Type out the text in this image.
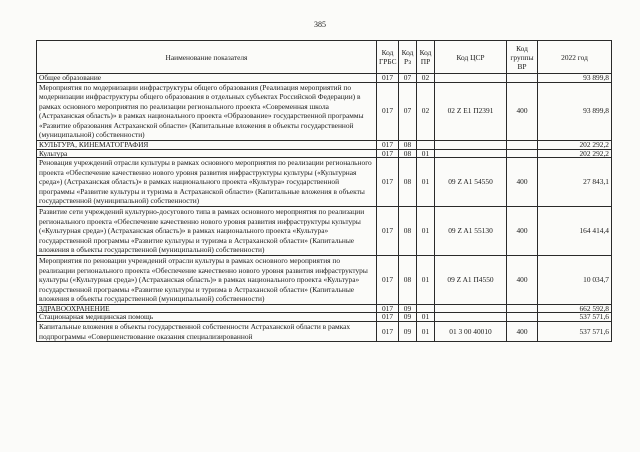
385
Наименование показателя	Код ГРБС	Код Рз	Код ПР	Код ЦСР	Код группы ВР	2022 год
Общее образование	017	07	02			93 899,8
Мероприятия по модернизации инфраструктуры общего образования (Реализация мероприятий по модернизации инфраструктуры общего образования в отдельных субъектах Российской Федерации) в рамках основного мероприятия по реализации регионального проекта «Современная школа (Астраханская область)» в рамках национального проекта «Образование» государственной программы «Развитие образования Астраханской области» (Капитальные вложения в объекты государственной (муниципальной) собственности)	017	07	02	02 Z E1 П2391	400	93 899,8
КУЛЬТУРА, КИНЕМАТОГРАФИЯ	017	08				202 292,2
Культура	017	08	01			202 292,2
Реновация учреждений отрасли культуры в рамках основного мероприятия по реализации регионального проекта «Обеспечение качественно нового уровня развития инфраструктуры культуры («Культурная среда») (Астраханская область)» в рамках национального проекта «Культура» государственной программы «Развитие культуры и туризма в Астраханской области» (Капитальные вложения в объекты государственной (муниципальной) собственности)	017	08	01	09 Z A1 54550	400	27 843,1
Развитие сети учреждений культурно-досугового типа в рамках основного мероприятия по реализации регионального проекта «Обеспечение качественно нового уровня развития инфраструктуры культуры («Культурная среда») (Астраханская область)» в рамках национального проекта «Культура» государственной программы «Развитие культуры и туризма в Астраханской области» (Капитальные вложения в объекты государственной (муниципальной) собственности)	017	08	01	09 Z A1 55130	400	164 414,4
Мероприятия по реновации учреждений отрасли культуры в рамках основного мероприятия по реализации регионального проекта «Обеспечение качественно нового уровня развития инфраструктуры культуры («Культурная среда») (Астраханская область)» в рамках национального проекта «Культура» государственной программы «Развитие культуры и туризма в Астраханской области» (Капитальные вложения в объекты государственной (муниципальной) собственности)	017	08	01	09 Z A1 П4550	400	10 034,7
ЗДРАВООХРАНЕНИЕ	017	09				662 592,8
Стационарная медицинская помощь	017	09	01			537 571,6
Капитальные вложения в объекты государственной собственности Астраханской области в рамках подпрограммы «Совершенствование оказания специализированной	017	09	01	01 3 00 40010	400	537 571,6
